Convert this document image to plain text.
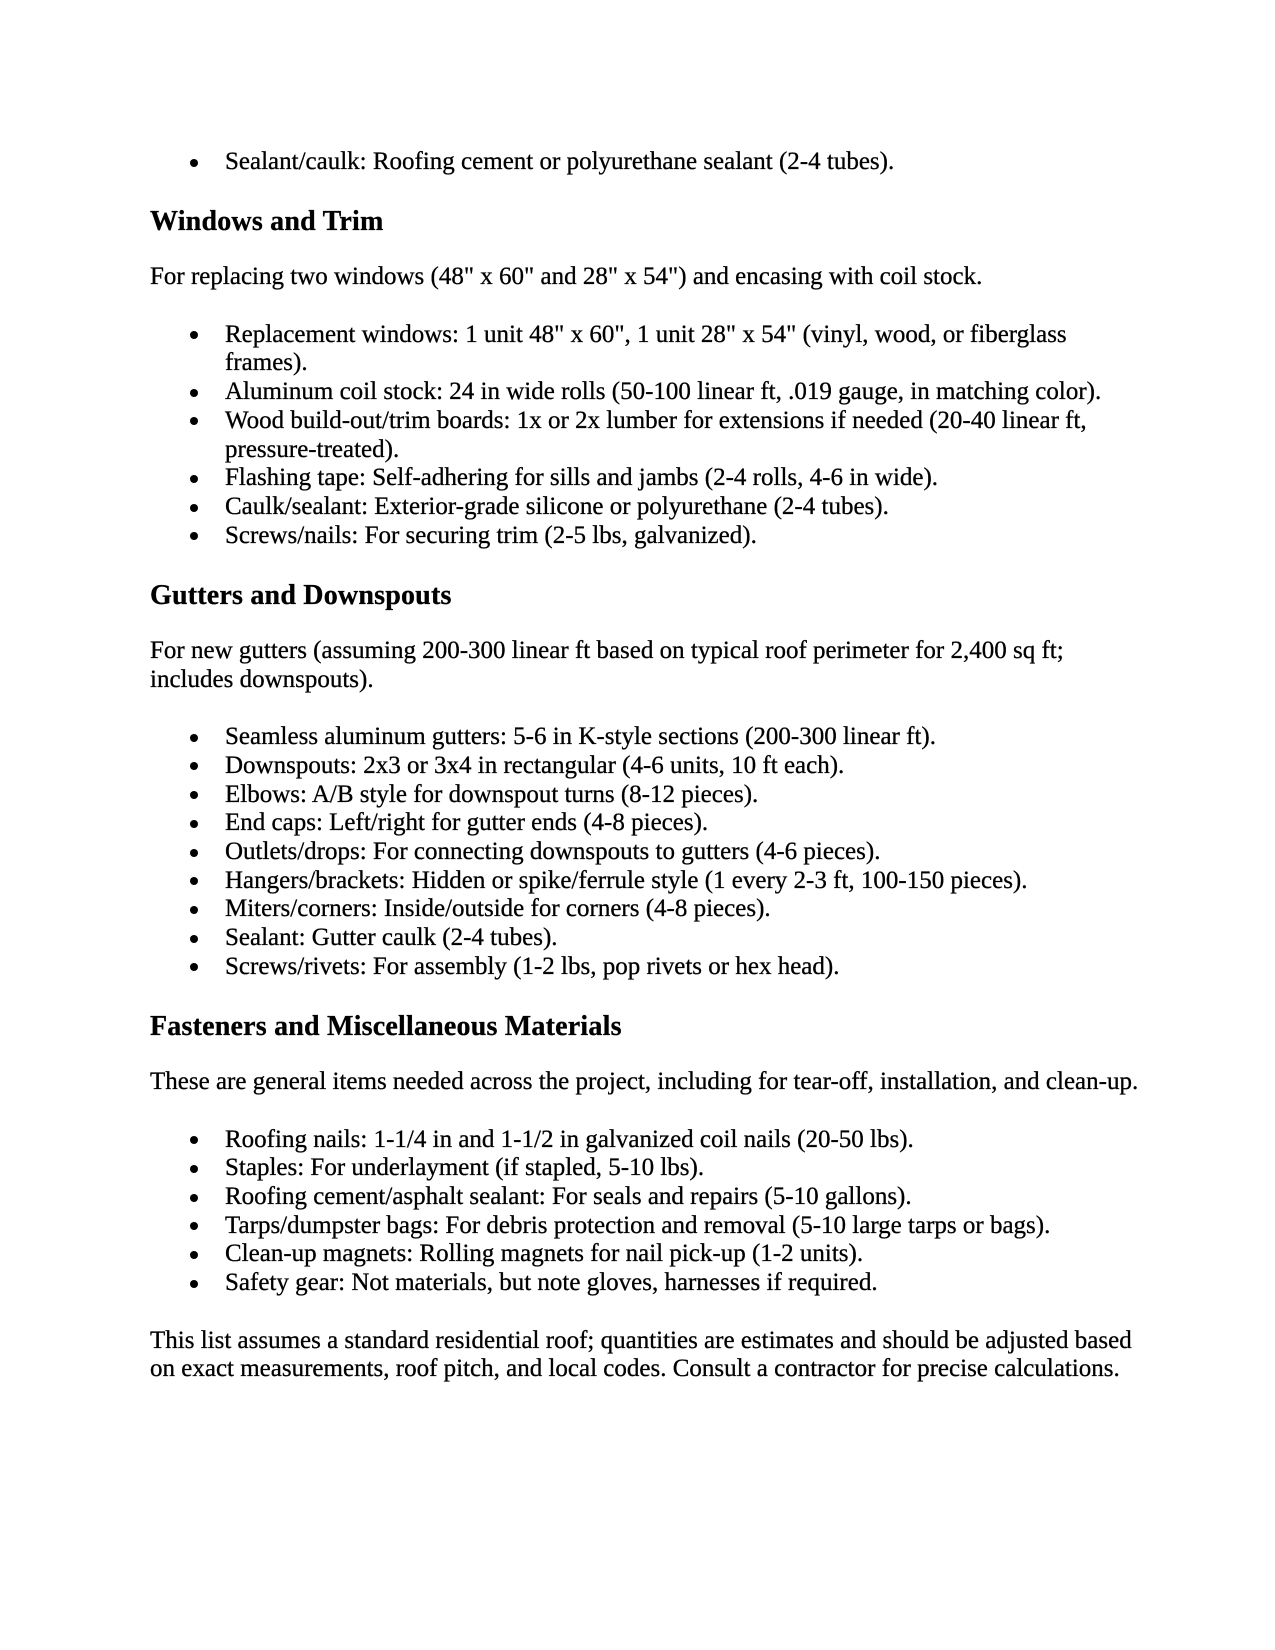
Sealant/caulk: Roofing cement or polyurethane sealant (2-4 tubes).
Windows and Trim

For replacing two windows (48" x 60" and 28" x 54") and encasing with coil stock.

Replacement windows: 1 unit 48" x 60", 1 unit 28" x 54" (vinyl, wood, or fiberglass frames).
Aluminum coil stock: 24 in wide rolls (50-100 linear ft, .019 gauge, in matching color).
Wood build-out/trim boards: 1x or 2x lumber for extensions if needed (20-40 linear ft, pressure-treated).
Flashing tape: Self-adhering for sills and jambs (2-4 rolls, 4-6 in wide).
Caulk/sealant: Exterior-grade silicone or polyurethane (2-4 tubes).
Screws/nails: For securing trim (2-5 lbs, galvanized).
Gutters and Downspouts

For new gutters (assuming 200-300 linear ft based on typical roof perimeter for 2,400 sq ft; includes downspouts).

Seamless aluminum gutters: 5-6 in K-style sections (200-300 linear ft).
Downspouts: 2x3 or 3x4 in rectangular (4-6 units, 10 ft each).
Elbows: A/B style for downspout turns (8-12 pieces).
End caps: Left/right for gutter ends (4-8 pieces).
Outlets/drops: For connecting downspouts to gutters (4-6 pieces).
Hangers/brackets: Hidden or spike/ferrule style (1 every 2-3 ft, 100-150 pieces).
Miters/corners: Inside/outside for corners (4-8 pieces).
Sealant: Gutter caulk (2-4 tubes).
Screws/rivets: For assembly (1-2 lbs, pop rivets or hex head).
Fasteners and Miscellaneous Materials

These are general items needed across the project, including for tear-off, installation, and clean-up.

Roofing nails: 1-1/4 in and 1-1/2 in galvanized coil nails (20-50 lbs).
Staples: For underlayment (if stapled, 5-10 lbs).
Roofing cement/asphalt sealant: For seals and repairs (5-10 gallons).
Tarps/dumpster bags: For debris protection and removal (5-10 large tarps or bags).
Clean-up magnets: Rolling magnets for nail pick-up (1-2 units).
Safety gear: Not materials, but note gloves, harnesses if required.

This list assumes a standard residential roof; quantities are estimates and should be adjusted based on exact measurements, roof pitch, and local codes. Consult a contractor for precise calculations.
